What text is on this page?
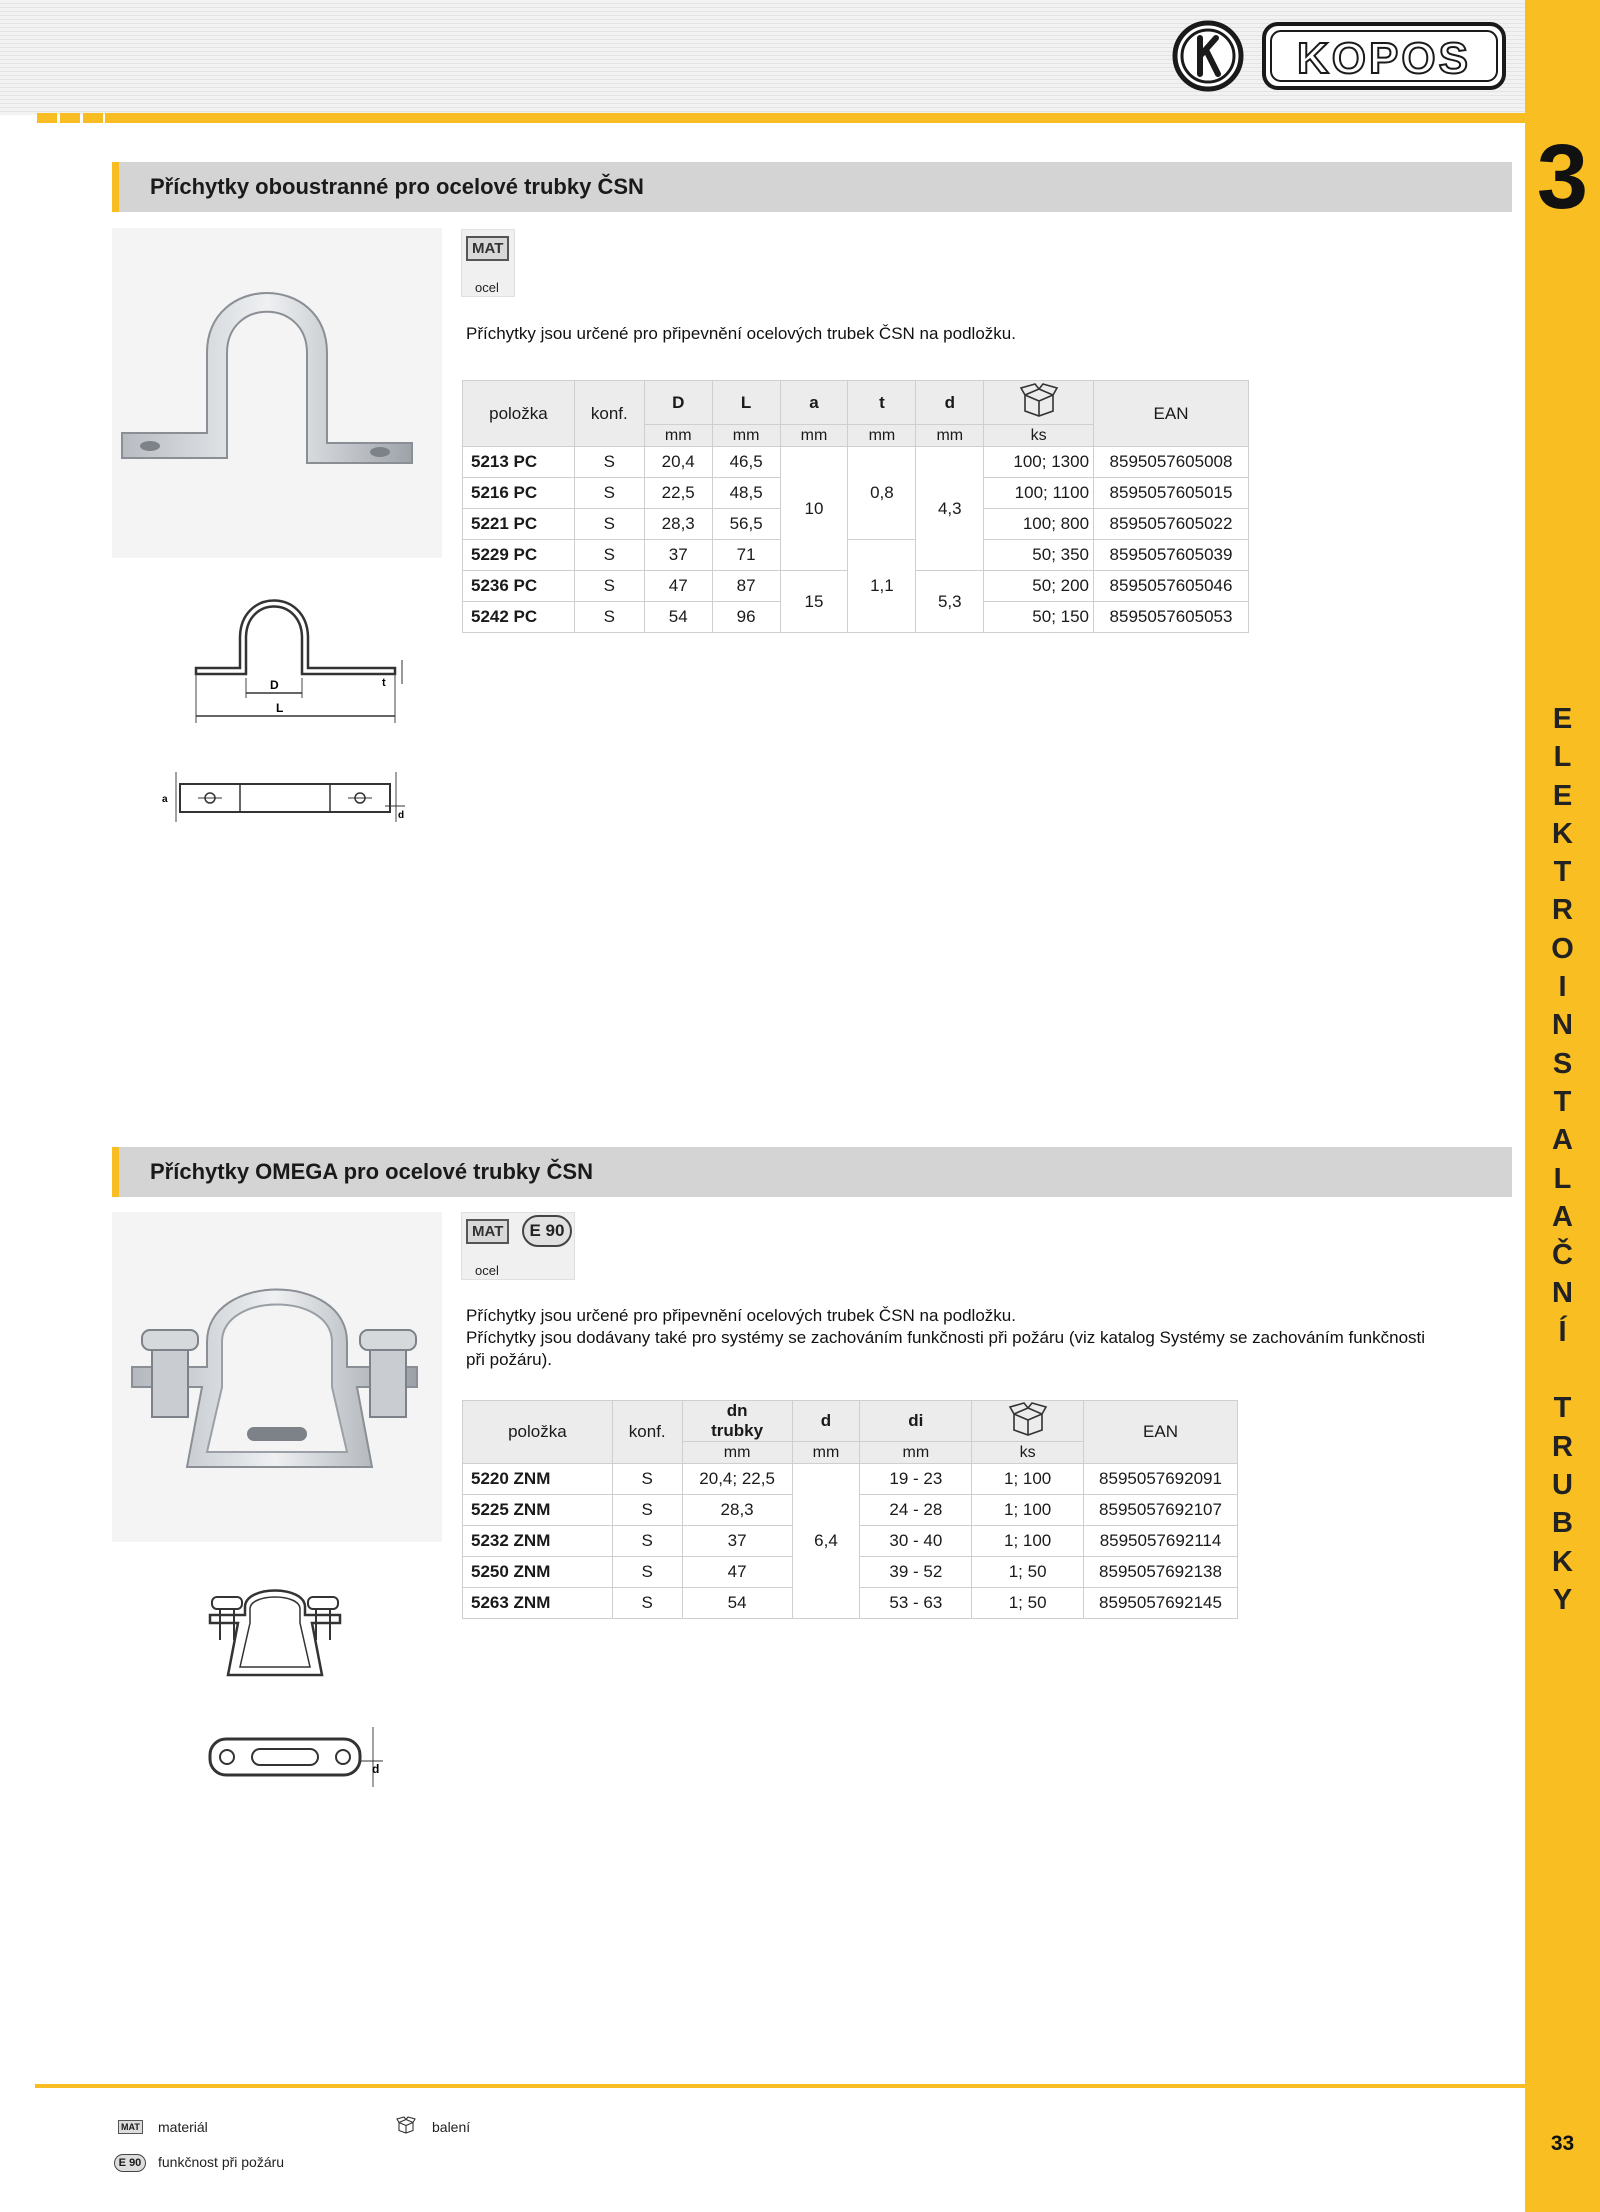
KOPOS
3
E
L
E
K
T
R
O
I
N
S
T
A
L
A
Č
N
Í
T
R
U
B
K
Y
33
Příchytky oboustranné pro ocelové trubky ČSN
D
L
t
a
d
MAT
ocel
Příchytky jsou určené pro připevnění ocelových trubek ČSN na podložku.
položka	konf.	D	L	a	t	d		EAN
		mm	mm	mm	mm	mm	ks	
5213 PC	S	20,4	46,5	10	0,8	4,3	100; 1300	8595057605008
5216 PC	S	22,5	48,5				100; 1100	8595057605015
5221 PC	S	28,3	56,5				100; 800	8595057605022
5229 PC	S	37	71		1,1		50; 350	8595057605039
5236 PC	S	47	87	15		5,3	50; 200	8595057605046
5242 PC	S	54	96				50; 150	8595057605053
Příchytky OMEGA pro ocelové trubky ČSN
d
MAT	E 90
ocel
Příchytky jsou určené pro připevnění ocelových trubek ČSN na podložku.
Příchytky jsou dodávany také pro systémy se zachováním funkčnosti při požáru (viz katalog Systémy se zachováním funkčnosti
při požáru).
položka	konf.	dn
trubky	d	di		EAN
		mm	mm	mm	ks	
5220 ZNM	S	20,4; 22,5	6,4	19 - 23	1; 100	8595057692091
5225 ZNM	S	28,3		24 - 28	1; 100	8595057692107
5232 ZNM	S	37		30 - 40	1; 100	8595057692114
5250 ZNM	S	47		39 - 52	1; 50	8595057692138
5263 ZNM	S	54		53 - 63	1; 50	8595057692145
MAT materiál	balení
E 90	funkčnost při požáru
